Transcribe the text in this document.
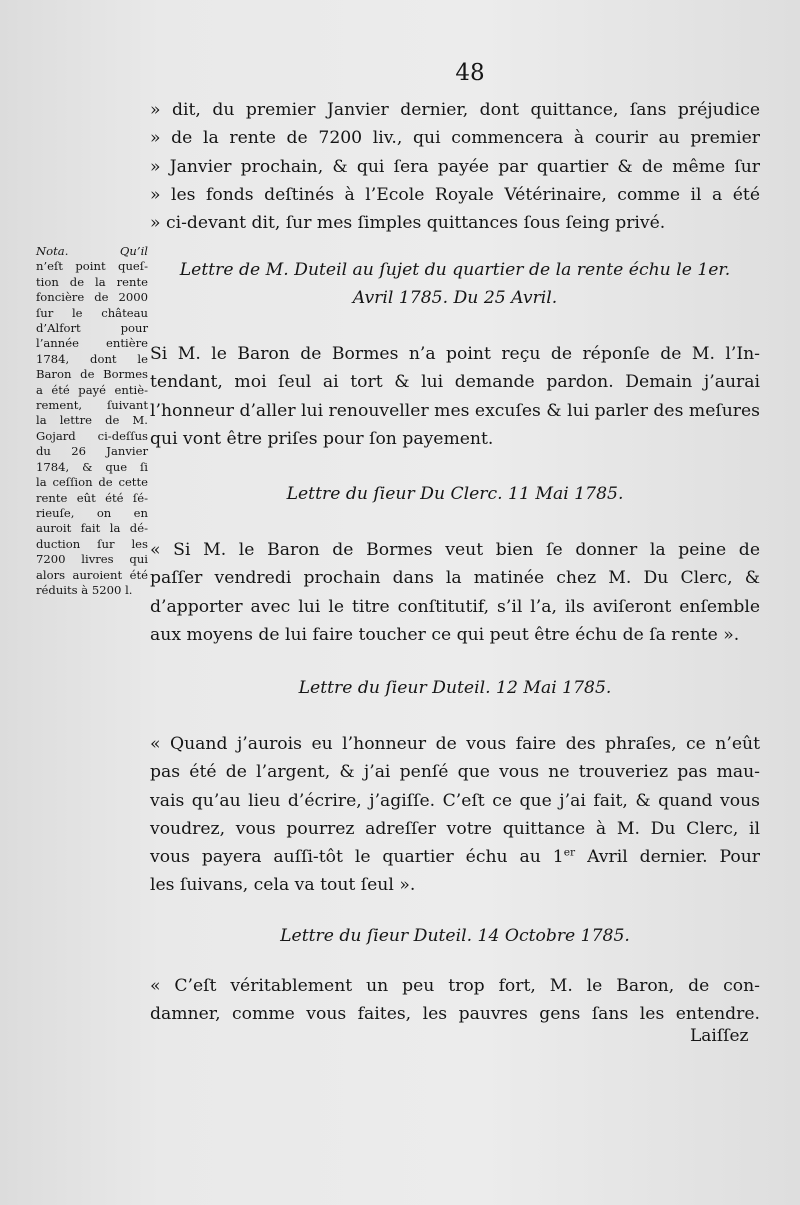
48
» dit, du premier Janvier dernier, dont quittance, ſans préjudice
» de la rente de 7200 liv., qui commencera à courir au premier
» Janvier prochain, & qui ſera payée par quartier & de même ſur
» les fonds deſtinés à l’Ecole Royale Vétérinaire, comme il a été
» ci-devant dit, ſur mes ſimples quittances ſous ſeing privé.
Lettre de M. Duteil au ſujet du quartier de la rente échu le 1er.
Avril 1785. Du 25 Avril.
Si M. le Baron de Bormes n’a point reçu de réponſe de M. l’In-
tendant, moi ſeul ai tort & lui demande pardon. Demain j’aurai
l’honneur d’aller lui renouveller mes excuſes & lui parler des meſures
qui vont être priſes pour ſon payement.
Lettre du ſieur Du Clerc. 11 Mai 1785.
« Si M. le Baron de Bormes veut bien ſe donner la peine de
paſſer vendredi prochain dans la matinée chez M. Du Clerc, &
d’apporter avec lui le titre conſtitutif, s’il l’a, ils aviſeront enſemble
aux moyens de lui faire toucher ce qui peut être échu de ſa rente ».
Lettre du ſieur Duteil. 12 Mai 1785.
« Quand j’aurois eu l’honneur de vous faire des phraſes, ce n’eût
pas été de l’argent, & j’ai penſé que vous ne trouveriez pas mau-
vais qu’au lieu d’écrire, j’agiſſe. C’eſt ce que j’ai fait, & quand vous
voudrez, vous pourrez adreſſer votre quittance à M. Du Clerc, il
vous payera auſſi-tôt le quartier échu au 1er Avril dernier. Pour
les ſuivans, cela va tout ſeul ».
Lettre du ſieur Duteil. 14 Octobre 1785.
« C’eſt véritablement un peu trop fort, M. le Baron, de con-
damner, comme vous faites, les pauvres gens ſans les entendre.
Laiſſez
Nota. Qu’il
n’eſt point queſ-
tion de la rente
foncière de 2000
ſur le château
d’Alfort pour
l’année entière
1784, dont le
Baron de Bormes
a été payé entiè-
rement, ſuivant
la lettre de M.
Gojard ci-deſſus
du 26 Janvier
1784, & que ſi
la ceſſion de cette
rente eût été ſé-
rieuſe, on en
auroit fait la dé-
duction ſur les
7200 livres qui
alors auroient été
réduits à 5200 l.
